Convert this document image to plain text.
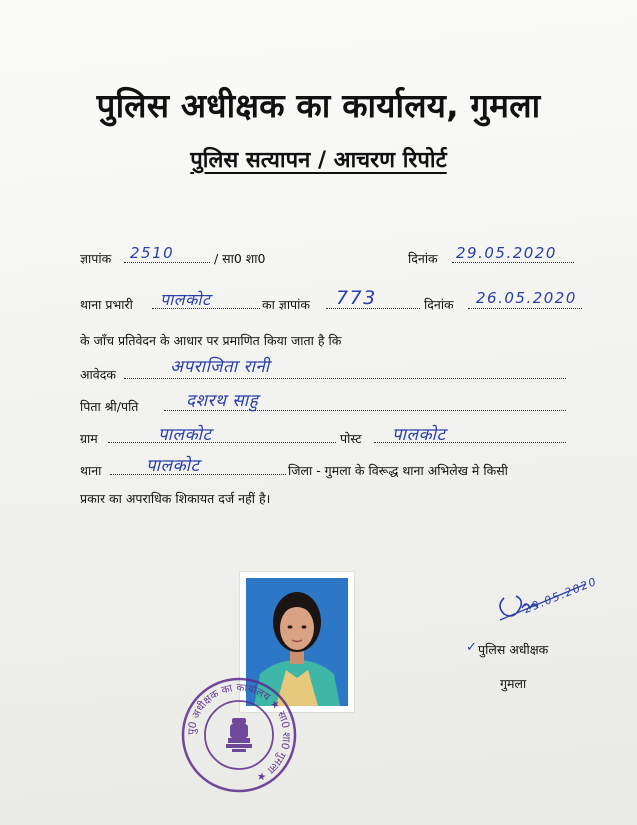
पुलिस अधीक्षक का कार्यालय, गुमला
पुलिस सत्यापन / आचरण रिपोर्ट
ज्ञापांक 2510	/ सा0 शा0	दिनांक 29.05.2020
थाना प्रभारी पालकोट	का ज्ञापांक 773	दिनांक 26.05.2020
के जाँच प्रतिवेदन के आधार पर प्रमाणित किया जाता है कि
आवेदक	अपराजिता रानी
पिता श्री/पति	दशरथ साहु
ग्राम	पालकोट	पोस्ट पालकोट
थाना	पालकोट	जिला - गुमला के विरूद्ध थाना अभिलेख मे किसी
प्रकार का अपराधिक शिकायत दर्ज नहीं है।
पु0 अधीक्षक का कार्यालय ★ सा0 शा0 गुमला ★
29.05.2020
✓ पुलिस अधीक्षक
गुमला
